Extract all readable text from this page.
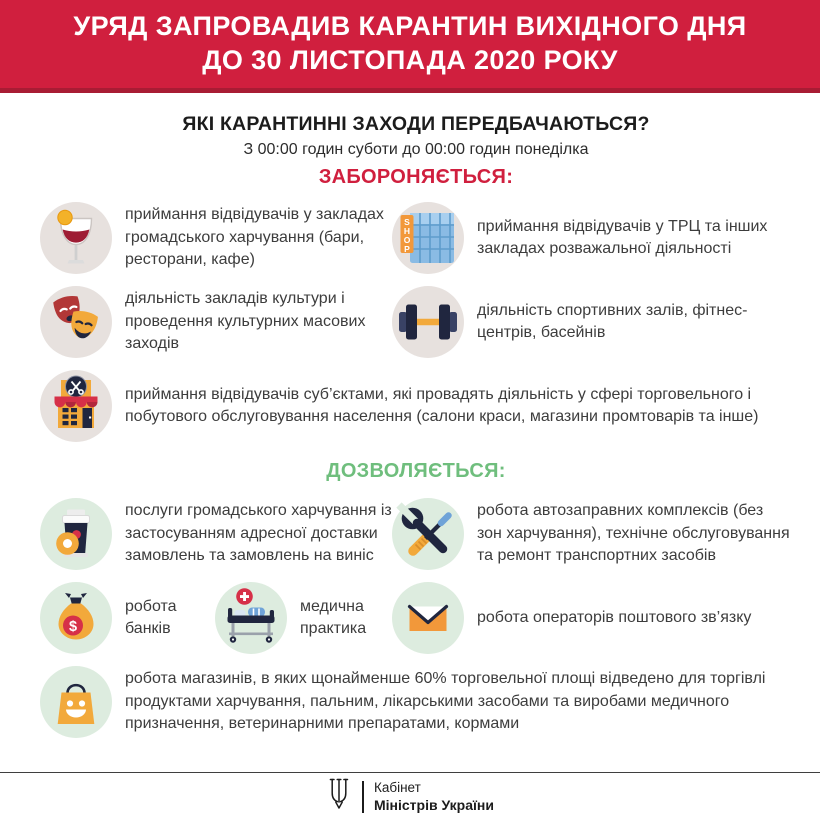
УРЯД ЗАПРОВАДИВ КАРАНТИН ВИХІДНОГО ДНЯ
ДО 30 ЛИСТОПАДА 2020 РОКУ
ЯКІ КАРАНТИННІ ЗАХОДИ ПЕРЕДБАЧАЮТЬСЯ?
З 00:00 годин суботи до 00:00 годин понеділка
ЗАБОРОНЯЄТЬСЯ:

приймання відвідувачів у закладах громадського харчування (бари, ресторани, кафе)

S
H
O
P

приймання відвідувачів у ТРЦ та інших закладах розважальної діяльності

діяльність закладів культури і проведення культурних масових заходів

діяльність спортивних залів, фітнес-центрів, басейнів

приймання відвідувачів суб’єктами, які провадять діяльність у сфері торговельного і побутового обслуговування населення (салони краси, магазини промтоварів та інше)

ДОЗВОЛЯЄТЬСЯ:

послуги громадського харчування із застосуванням адресної доставки замовлень та замовлень на виніс

робота автозаправних комплексів (без зон харчування), технічне обслуговування та ремонт транспортних засобів

$

робота банків

медична практика

робота операторів поштового зв’язку

робота магазинів, в яких щонайменше 60% торговельної площі відведено для торгівлі продуктами харчування, пальним, лікарськими засобами та виробами медичного призначення, ветеринарними препаратами, кормами

Кабінет
Міністрів України
